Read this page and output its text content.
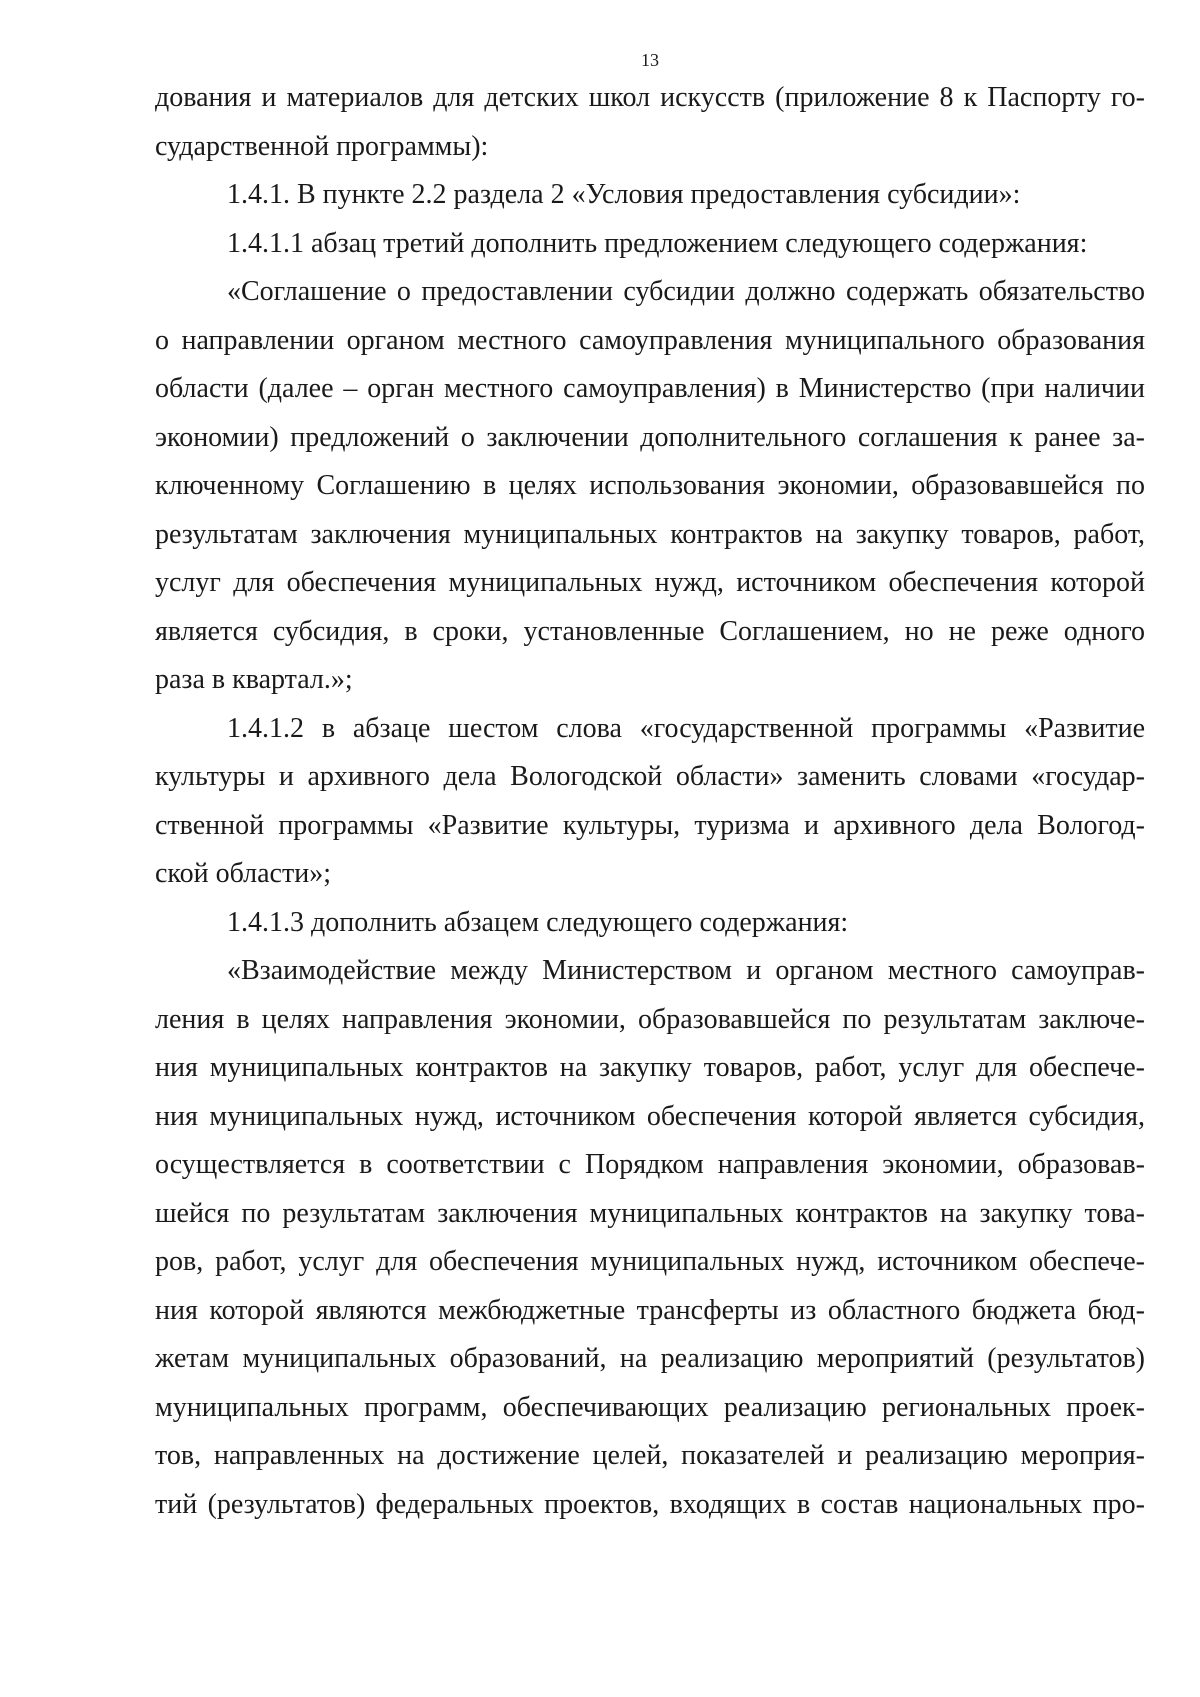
13
дования и материалов для детских школ искусств (приложение 8 к Паспорту го-
сударственной программы):
1.4.1. В пункте 2.2 раздела 2 «Условия предоставления субсидии»:
1.4.1.1 абзац третий дополнить предложением следующего содержания:
«Соглашение о предоставлении субсидии должно содержать обязательство
о направлении органом местного самоуправления муниципального образования
области (далее – орган местного самоуправления) в Министерство (при наличии
экономии) предложений о заключении дополнительного соглашения к ранее за-
ключенному Соглашению в целях использования экономии, образовавшейся по
результатам заключения муниципальных контрактов на закупку товаров, работ,
услуг для обеспечения муниципальных нужд, источником обеспечения которой
является субсидия, в сроки, установленные Соглашением, но не реже одного
раза в квартал.»;
1.4.1.2 в абзаце шестом слова «государственной программы «Развитие
культуры и архивного дела Вологодской области» заменить словами «государ-
ственной программы «Развитие культуры, туризма и архивного дела Вологод-
ской области»;
1.4.1.3 дополнить абзацем следующего содержания:
«Взаимодействие между Министерством и органом местного самоуправ-
ления в целях направления экономии, образовавшейся по результатам заключе-
ния муниципальных контрактов на закупку товаров, работ, услуг для обеспече-
ния муниципальных нужд, источником обеспечения которой является субсидия,
осуществляется в соответствии с Порядком направления экономии, образовав-
шейся по результатам заключения муниципальных контрактов на закупку това-
ров, работ, услуг для обеспечения муниципальных нужд, источником обеспече-
ния которой являются межбюджетные трансферты из областного бюджета бюд-
жетам муниципальных образований, на реализацию мероприятий (результатов)
муниципальных программ, обеспечивающих реализацию региональных проек-
тов, направленных на достижение целей, показателей и реализацию мероприя-
тий (результатов) федеральных проектов, входящих в состав национальных про-
